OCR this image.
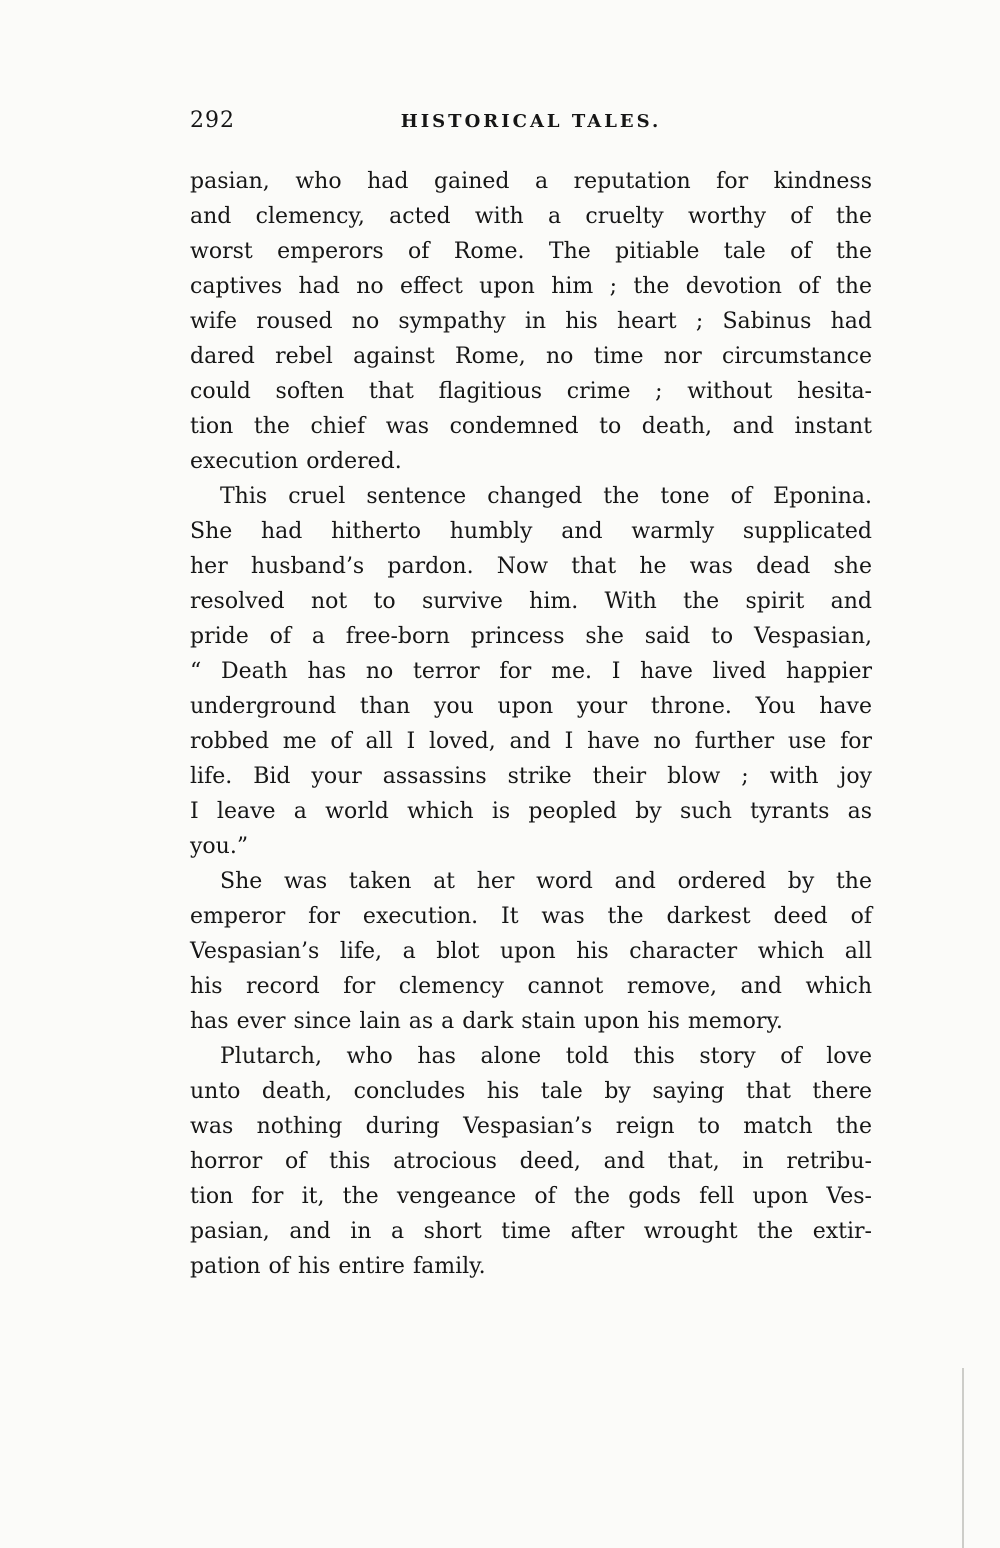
292	HISTORICAL TALES.
pasian, who had gained a reputation for kindness
and clemency, acted with a cruelty worthy of the
worst emperors of Rome. The pitiable tale of the
captives had no effect upon him ; the devotion of the
wife roused no sympathy in his heart ; Sabinus had
dared rebel against Rome, no time nor circumstance
could soften that flagitious crime ; without hesita-
tion the chief was condemned to death, and instant
execution ordered.
This cruel sentence changed the tone of Eponina.
She had hitherto humbly and warmly supplicated
her husband’s pardon. Now that he was dead she
resolved not to survive him. With the spirit and
pride of a free-born princess she said to Vespasian,
“ Death has no terror for me. I have lived happier
underground than you upon your throne. You have
robbed me of all I loved, and I have no further use for
life. Bid your assassins strike their blow ; with joy
I leave a world which is peopled by such tyrants as
you.”
She was taken at her word and ordered by the
emperor for execution. It was the darkest deed of
Vespasian’s life, a blot upon his character which all
his record for clemency cannot remove, and which
has ever since lain as a dark stain upon his memory.
Plutarch, who has alone told this story of love
unto death, concludes his tale by saying that there
was nothing during Vespasian’s reign to match the
horror of this atrocious deed, and that, in retribu-
tion for it, the vengeance of the gods fell upon Ves-
pasian, and in a short time after wrought the extir-
pation of his entire family.
